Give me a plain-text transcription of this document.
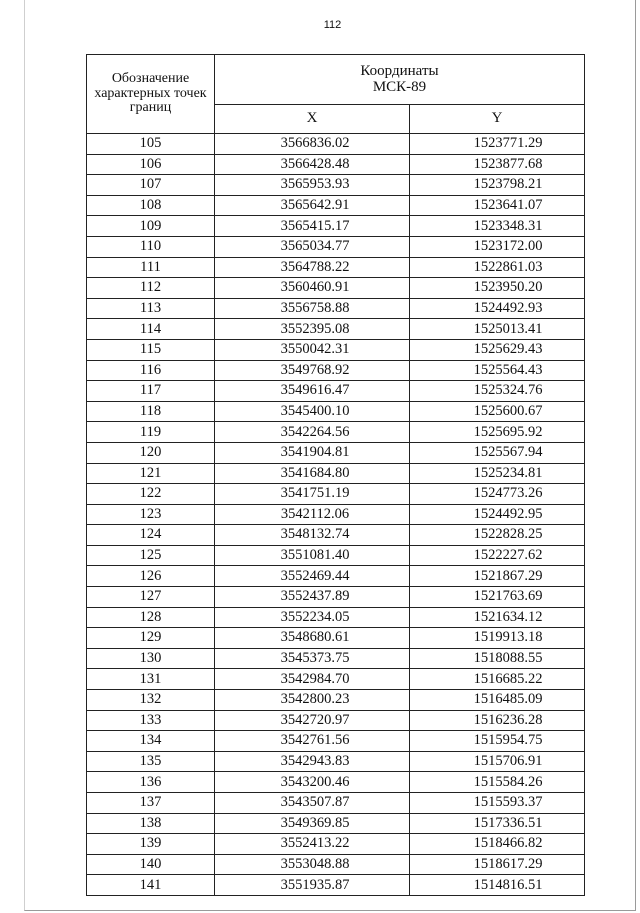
112
Обозначение
характерных точек
границ	Координаты
МСК-89	

	X	Y
105	3566836.02	1523771.29
106	3566428.48	1523877.68
107	3565953.93	1523798.21
108	3565642.91	1523641.07
109	3565415.17	1523348.31
110	3565034.77	1523172.00
111	3564788.22	1522861.03
112	3560460.91	1523950.20
113	3556758.88	1524492.93
114	3552395.08	1525013.41
115	3550042.31	1525629.43
116	3549768.92	1525564.43
117	3549616.47	1525324.76
118	3545400.10	1525600.67
119	3542264.56	1525695.92
120	3541904.81	1525567.94
121	3541684.80	1525234.81
122	3541751.19	1524773.26
123	3542112.06	1524492.95
124	3548132.74	1522828.25
125	3551081.40	1522227.62
126	3552469.44	1521867.29
127	3552437.89	1521763.69
128	3552234.05	1521634.12
129	3548680.61	1519913.18
130	3545373.75	1518088.55
131	3542984.70	1516685.22
132	3542800.23	1516485.09
133	3542720.97	1516236.28
134	3542761.56	1515954.75
135	3542943.83	1515706.91
136	3543200.46	1515584.26
137	3543507.87	1515593.37
138	3549369.85	1517336.51
139	3552413.22	1518466.82
140	3553048.88	1518617.29
141	3551935.87	1514816.51
